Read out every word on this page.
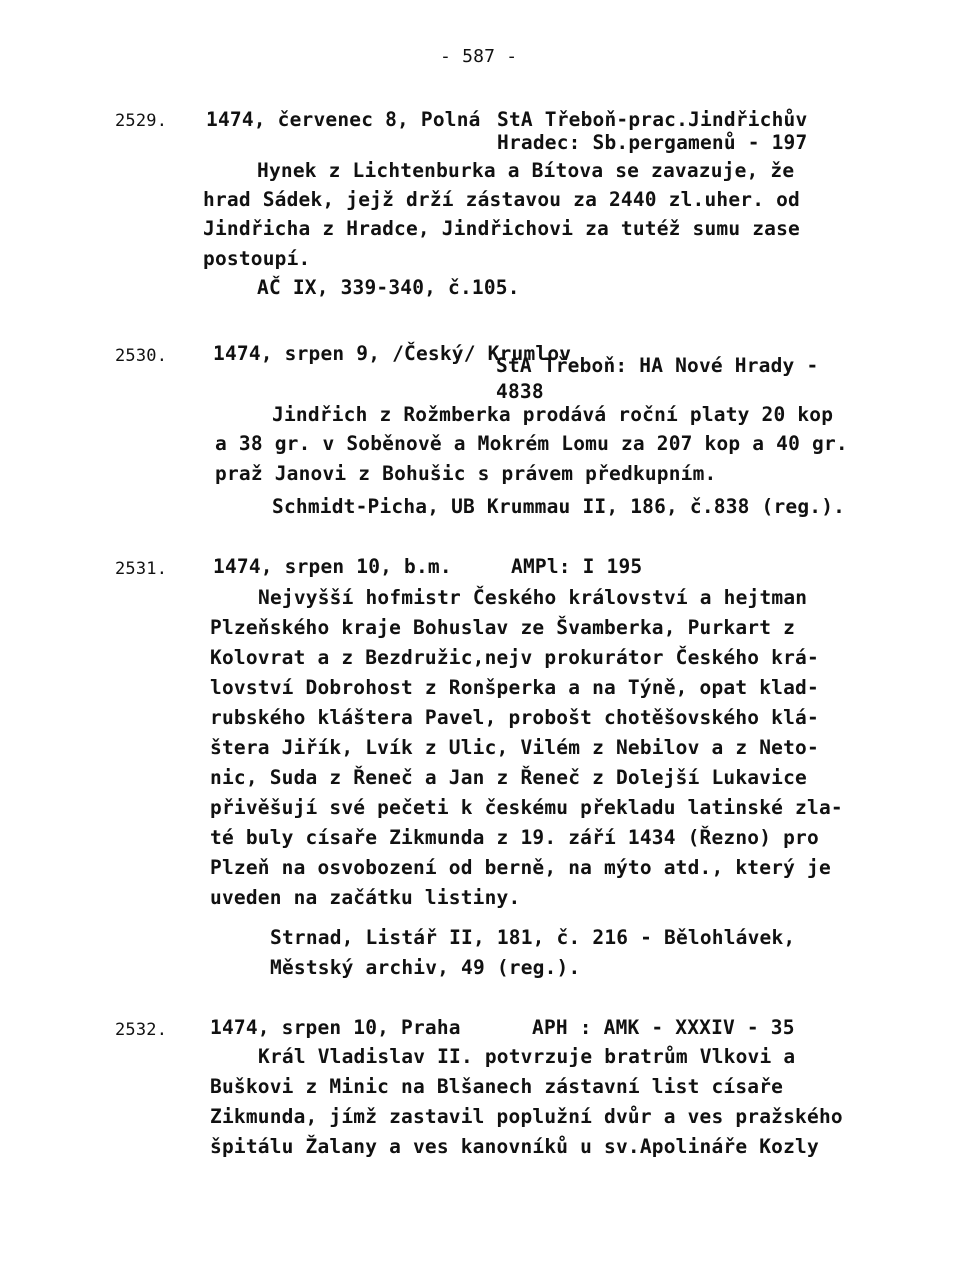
- 587 -
2529. 1474, červenec 8, Polná StA Třeboň-prac.Jindřichův
Hradec: Sb.pergamenů - 197
Hynek z Lichtenburka a Bítova se zavazuje, že
hrad Sádek, jejž drží zástavou za 2440 zl.uher. od
Jindřicha z Hradce, Jindřichovi za tutéž sumu zase
postoupí.
AČ IX, 339-340, č.105.
2530. 1474, srpen 9, /Český/ Krumlov
StA Třeboň: HA Nové Hrady -
4838
Jindřich z Rožmberka prodává roční platy 20 kop
a 38 gr. v Soběnově a Mokrém Lomu za 207 kop a 40 gr.
praž Janovi z Bohušic s právem předkupním.
Schmidt-Picha, UB Krummau II, 186, č.838 (reg.).
2531. 1474, srpen 10, b.m.	AMPl: I 195
Nejvyšší hofmistr Českého království a hejtman
Plzeňského kraje Bohuslav ze Švamberka, Purkart z
Kolovrat a z Bezdružic,nejv prokurátor Českého krá-
lovství Dobrohost z Ronšperka a na Týně, opat klad-
rubského kláštera Pavel, probošt chotěšovského klá-
štera Jiřík, Lvík z Ulic, Vilém z Nebilov a z Neto-
nic, Suda z Řeneč a Jan z Řeneč z Dolejší Lukavice
přivěšují své pečeti k českému překladu latinské zla-
té buly císaře Zikmunda z 19. září 1434 (Řezno) pro
Plzeň na osvobození od berně, na mýto atd., který je
uveden na začátku listiny.
Strnad, Listář II, 181, č. 216 - Bělohlávek,
Městský archiv, 49 (reg.).
2532. 1474, srpen 10, Praha	APH : AMK - XXXIV - 35
Král Vladislav II. potvrzuje bratrům Vlkovi a
Buškovi z Minic na Blšanech zástavní list císaře
Zikmunda, jímž zastavil poplužní dvůr a ves pražského
špitálu Žalany a ves kanovníků u sv.Apolináře Kozly
